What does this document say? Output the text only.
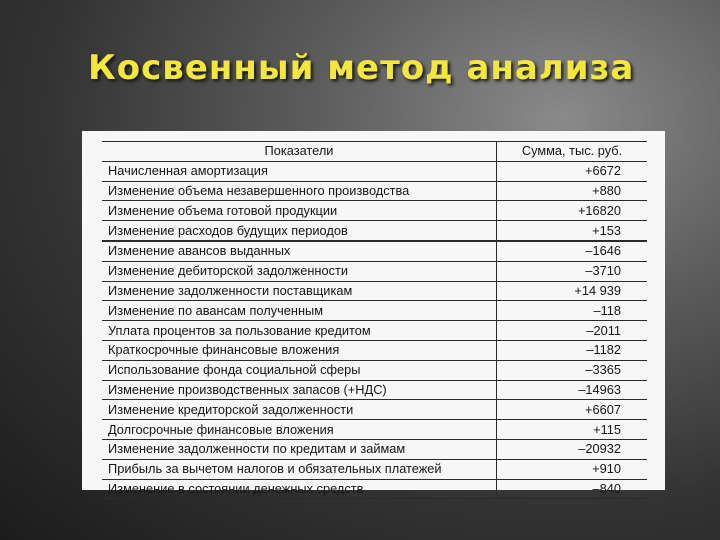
Косвенный метод анализа
Показатели	Сумма, тыс. руб.
Начисленная амортизация	+6672
Изменение объема незавершенного производства	+880
Изменение объема готовой продукции	+16820
Изменение расходов будущих периодов	+153
Изменение авансов выданных	–1646
Изменение дебиторской задолженности	–3710
Изменение задолженности поставщикам	+14 939
Изменение по авансам полученным	–118
Уплата процентов за пользование кредитом	–2011
Краткосрочные финансовые вложения	–1182
Использование фонда социальной сферы	–3365
Изменение производственных запасов (+НДС)	–14963
Изменение кредиторской задолженности	+6607
Долгосрочные финансовые вложения	+115
Изменение задолженности по кредитам и займам	–20932
Прибыль за вычетом налогов и обязательных платежей	+910
Изменение в состоянии денежных средств	–840
